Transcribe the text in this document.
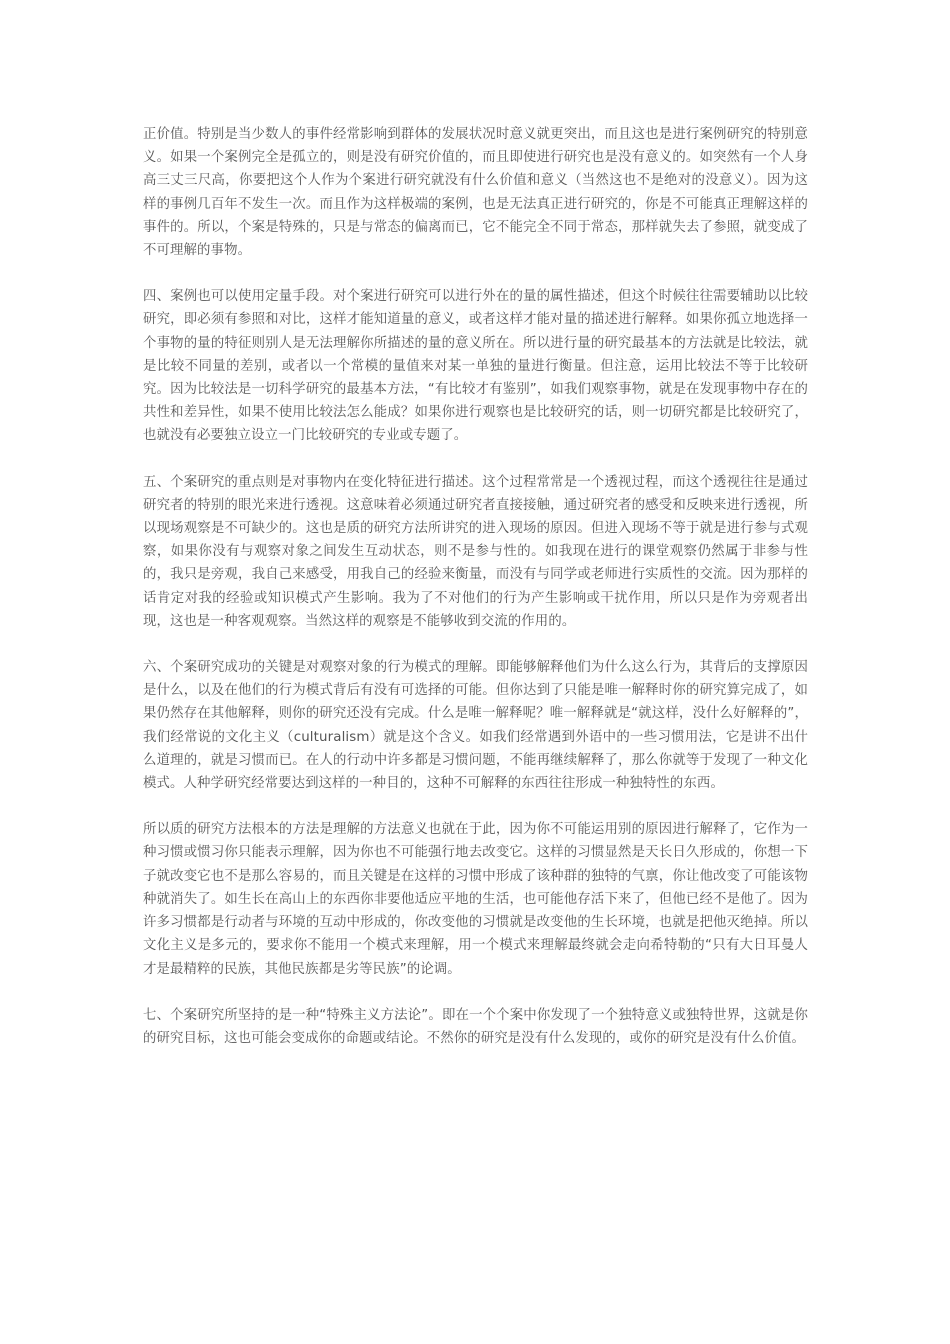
正价值。特别是当少数人的事件经常影响到群体的发展状况时意义就更突出，而且这也是进行案例研究的特别意义。如果一个案例完全是孤立的，则是没有研究价值的，而且即使进行研究也是没有意义的。如突然有一个人身高三丈三尺高，你要把这个人作为个案进行研究就没有什么价值和意义（当然这也不是绝对的没意义）。因为这样的事例几百年不发生一次。而且作为这样极端的案例，也是无法真正进行研究的，你是不可能真正理解这样的事件的。所以，个案是特殊的，只是与常态的偏离而已，它不能完全不同于常态，那样就失去了参照，就变成了不可理解的事物。

四、案例也可以使用定量手段。对个案进行研究可以进行外在的量的属性描述，但这个时候往往需要辅助以比较研究，即必须有参照和对比，这样才能知道量的意义，或者这样才能对量的描述进行解释。如果你孤立地选择一个事物的量的特征则别人是无法理解你所描述的量的意义所在。所以进行量的研究最基本的方法就是比较法，就是比较不同量的差别，或者以一个常模的量值来对某一单独的量进行衡量。但注意，运用比较法不等于比较研究。因为比较法是一切科学研究的最基本方法，“有比较才有鉴别”，如我们观察事物，就是在发现事物中存在的共性和差异性，如果不使用比较法怎么能成？如果你进行观察也是比较研究的话，则一切研究都是比较研究了，也就没有必要独立设立一门比较研究的专业或专题了。

五、个案研究的重点则是对事物内在变化特征进行描述。这个过程常常是一个透视过程，而这个透视往往是通过研究者的特别的眼光来进行透视。这意味着必须通过研究者直接接触，通过研究者的感受和反映来进行透视，所以现场观察是不可缺少的。这也是质的研究方法所讲究的进入现场的原因。但进入现场不等于就是进行参与式观察，如果你没有与观察对象之间发生互动状态，则不是参与性的。如我现在进行的课堂观察仍然属于非参与性的，我只是旁观，我自己来感受，用我自己的经验来衡量，而没有与同学或老师进行实质性的交流。因为那样的话肯定对我的经验或知识模式产生影响。我为了不对他们的行为产生影响或干扰作用，所以只是作为旁观者出现，这也是一种客观观察。当然这样的观察是不能够收到交流的作用的。

六、个案研究成功的关键是对观察对象的行为模式的理解。即能够解释他们为什么这么行为，其背后的支撑原因是什么，以及在他们的行为模式背后有没有可选择的可能。但你达到了只能是唯一解释时你的研究算完成了，如果仍然存在其他解释，则你的研究还没有完成。什么是唯一解释呢？唯一解释就是“就这样，没什么好解释的”，我们经常说的文化主义（culturalism）就是这个含义。如我们经常遇到外语中的一些习惯用法，它是讲不出什么道理的，就是习惯而已。在人的行动中许多都是习惯问题，不能再继续解释了，那么你就等于发现了一种文化模式。人种学研究经常要达到这样的一种目的，这种不可解释的东西往往形成一种独特性的东西。

所以质的研究方法根本的方法是理解的方法意义也就在于此，因为你不可能运用别的原因进行解释了，它作为一种习惯或惯习你只能表示理解，因为你也不可能强行地去改变它。这样的习惯显然是天长日久形成的，你想一下子就改变它也不是那么容易的，而且关键是在这样的习惯中形成了该种群的独特的气禀，你让他改变了可能该物种就消失了。如生长在高山上的东西你非要他适应平地的生活，也可能他存活下来了，但他已经不是他了。因为许多习惯都是行动者与环境的互动中形成的，你改变他的习惯就是改变他的生长环境，也就是把他灭绝掉。所以文化主义是多元的，要求你不能用一个模式来理解，用一个模式来理解最终就会走向希特勒的“只有大日耳曼人才是最精粹的民族，其他民族都是劣等民族”的论调。

七、个案研究所坚持的是一种“特殊主义方法论”。即在一个个案中你发现了一个独特意义或独特世界，这就是你的研究目标，这也可能会变成你的命题或结论。不然你的研究是没有什么发现的，或你的研究是没有什么价值。
